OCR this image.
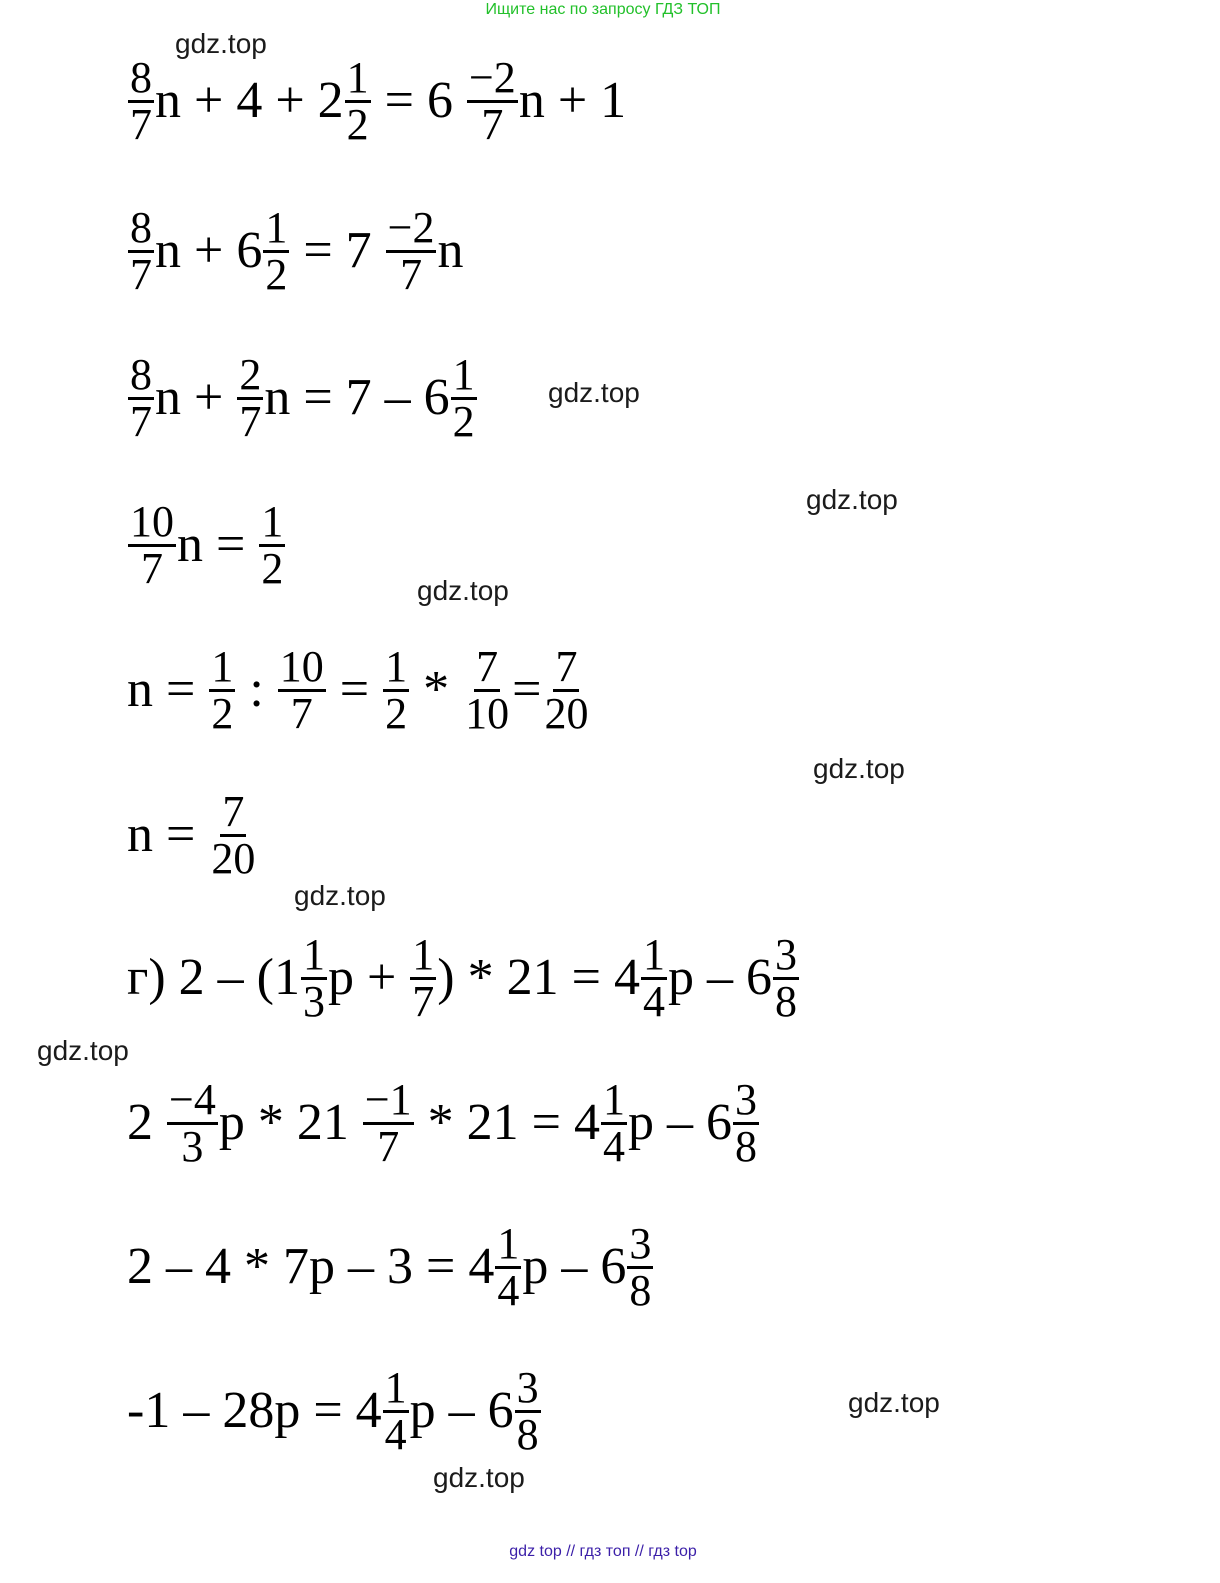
Ищите нас по запросу ГДЗ ТОП
gdz.top
gdz.top
gdz.top
gdz.top
gdz.top
gdz.top
gdz.top
gdz.top
gdz.top
$\frac{8}{7}$ $n + 4 + 2 \frac{1}{2} = 6 \frac{-2}{7}$ n + 1
$\frac{8}{7}$ $n + 6 \frac{1}{2} = 7 \frac{-2}{7}$ n
$\frac{8}{7}$ $n + \frac{2}{7}$ $n = 7 - 6 \frac{1}{2}$
$\frac{10}{7}$ $n = \frac{1}{2}$
$n = \frac{1}{2}$ : $\frac{10}{7} = \frac{1}{2} * \frac{7}{10} = \frac{7}{20}$
$n = \frac{7}{20}$
г) $2 - (1 \frac{1}{3}$ $p + \frac{1}{7}$ ) * $21 = 4 \frac{1}{4}$ p – $6 \frac{3}{8}$
$2 \frac{-4}{3}$ $p * 21 \frac{-1}{7} * 21 = 4 \frac{1}{4}$ p – $6 \frac{3}{8}$
$2 - 4 * 7p - 3 = 4 \frac{1}{4}$ p – $6 \frac{3}{8}$
$-1 - 28p = 4 \frac{1}{4}$ p – $6 \frac{3}{8}$
gdz top // гдз топ // гдз top
